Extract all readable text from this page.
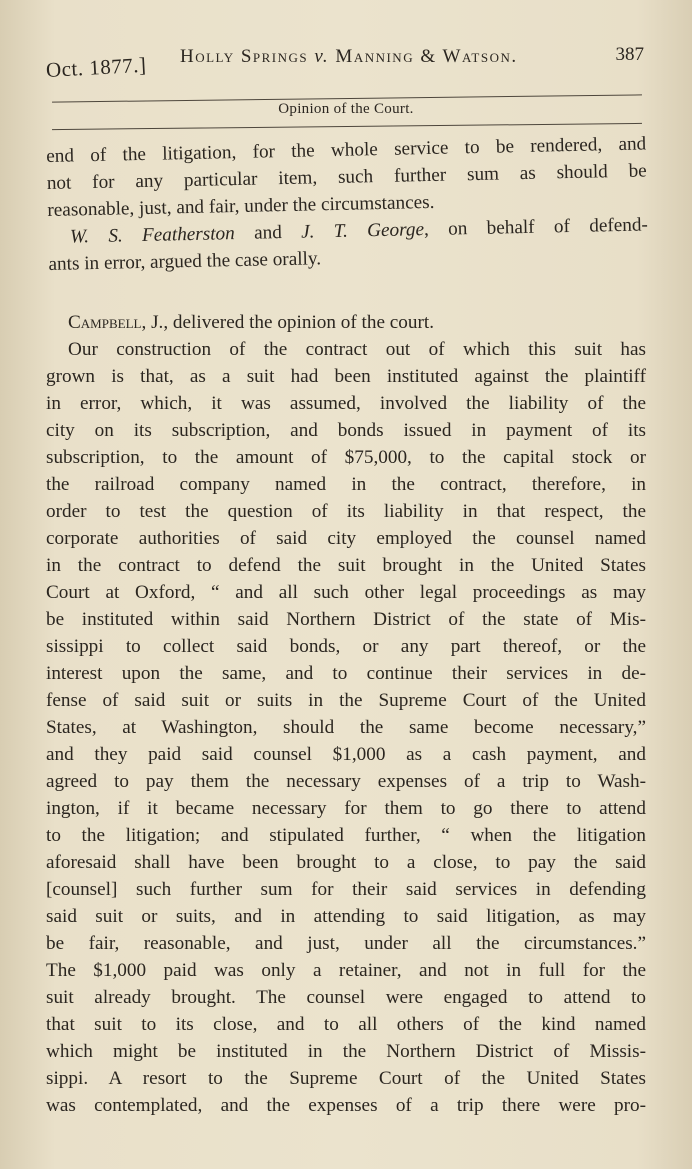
Oct. 1877.] Holly Springs v. Manning & Watson.	387
Opinion of the Court.
end of the litigation, for the whole service to be rendered, and
not for any particular item, such further sum as should be
reasonable, just, and fair, under the circumstances.
W. S. Featherston and J. T. George, on behalf of defend-
ants in error, argued the case orally.
Campbell, J., delivered the opinion of the court.
Our construction of the contract out of which this suit has
grown is that, as a suit had been instituted against the plaintiff
in error, which, it was assumed, involved the liability of the
city on its subscription, and bonds issued in payment of its
subscription, to the amount of $75,000, to the capital stock or
the railroad company named in the contract, therefore, in
order to test the question of its liability in that respect, the
corporate authorities of said city employed the counsel named
in the contract to defend the suit brought in the United States
Court at Oxford, “ and all such other legal proceedings as may
be instituted within said Northern District of the state of Mis-
sissippi to collect said bonds, or any part thereof, or the
interest upon the same, and to continue their services in de-
fense of said suit or suits in the Supreme Court of the United
States, at Washington, should the same become necessary,”
and they paid said counsel $1,000 as a cash payment, and
agreed to pay them the necessary expenses of a trip to Wash-
ington, if it became necessary for them to go there to attend
to the litigation; and stipulated further, “ when the litigation
aforesaid shall have been brought to a close, to pay the said
[counsel] such further sum for their said services in defending
said suit or suits, and in attending to said litigation, as may
be fair, reasonable, and just, under all the circumstances.”
The $1,000 paid was only a retainer, and not in full for the
suit already brought. The counsel were engaged to attend to
that suit to its close, and to all others of the kind named
which might be instituted in the Northern District of Missis-
sippi. A resort to the Supreme Court of the United States
was contemplated, and the expenses of a trip there were pro-
